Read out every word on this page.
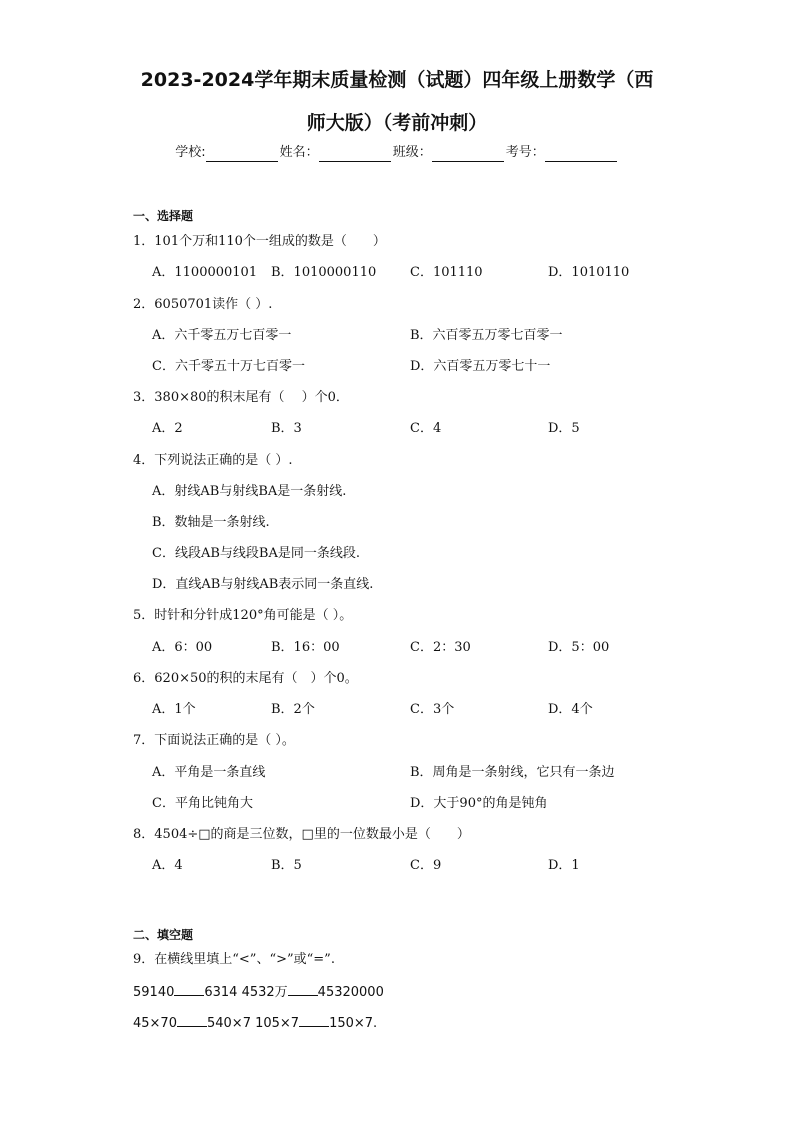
2023-2024学年期末质量检测（试题）四年级上册数学（西
师大版）（考前冲刺）
学校:	姓名：	班级：	考号：
一、选择题
1．101个万和110个一组成的数是（　　）
A．1100000101 B．1010000110	C．101110	D．1010110
2．6050701读作（ ）.
A．六千零五万七百零一	B．六百零五万零七百零一
C．六千零五十万七百零一	D．六百零五万零七十一
3．380×80的积末尾有（　 ）个0．
A．2	B．3	C．4	D．5
4．下列说法正确的是（ ）.
A．射线AB与射线BA是一条射线.
B．数轴是一条射线.
C．线段AB与线段BA是同一条线段.
D．直线AB与射线AB表示同一条直线.
5．时针和分针成120°角可能是（ ）。
A．6：00	B．16：00	C．2：30	D．5：00
6．620×50的积的末尾有（　）个0。
A．1个	B．2个	C．3个	D．4个
7．下面说法正确的是（ ）。
A．平角是一条直线	B．周角是一条射线，它只有一条边
C．平角比钝角大	D．大于90°的角是钝角
8．4504÷□的商是三位数，□里的一位数最小是（　　）
A．4	B．5	C．9	D．1
二、填空题
9．在横线里填上“<”、“>”或“=”.
59140 6314 4532万 45320000
45×70 540×7 105×7 150×7.
